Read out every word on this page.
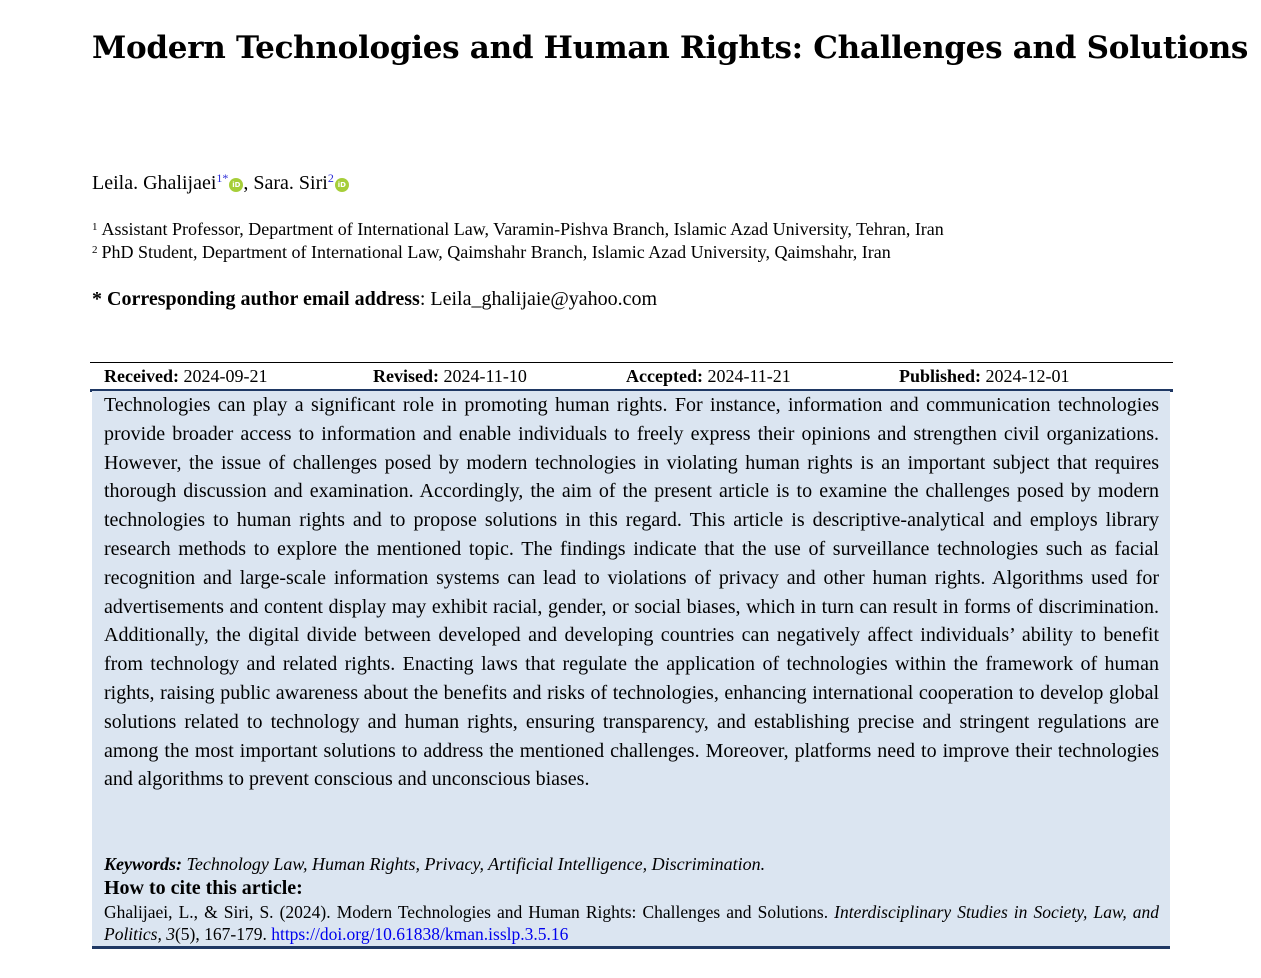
Modern Technologies and Human Rights: Challenges and Solutions
Leila. Ghalijaei$^{1*}$ iD , Sara. Siri$^2$ iD
$^1$ Assistant Professor, Department of International Law, Varamin-Pishva Branch, Islamic Azad University, Tehran, Iran
$^2$ PhD Student, Department of International Law, Qaimshahr Branch, Islamic Azad University, Qaimshahr, Iran
* Corresponding author email address: Leila_ghalijaie@yahoo.com
Received: 2024-09-21	Revised: 2024-11-10	Accepted: 2024-11-21	Published: 2024-12-01

Technologies can play a significant role in promoting human rights. For instance, information and communication technologies provide broader access to information and enable individuals to freely express their opinions and strengthen civil organizations. However, the issue of challenges posed by modern technologies in violating human rights is an important subject that requires thorough discussion and examination. Accordingly, the aim of the present article is to examine the challenges posed by modern technologies to human rights and to propose solutions in this regard. This article is descriptive-analytical and employs library research methods to explore the mentioned topic. The findings indicate that the use of surveillance technologies such as facial recognition and large-scale information systems can lead to violations of privacy and other human rights. Algorithms used for advertisements and content display may exhibit racial, gender, or social biases, which in turn can result in forms of discrimination. Additionally, the digital divide between developed and developing countries can negatively affect individuals’ ability to benefit from technology and related rights. Enacting laws that regulate the application of technologies within the framework of human rights, raising public awareness about the benefits and risks of technologies, enhancing international cooperation to develop global solutions related to technology and human rights, ensuring transparency, and establishing precise and stringent regulations are among the most important solutions to address the mentioned challenges. Moreover, platforms need to improve their technologies and algorithms to prevent conscious and unconscious biases.

Keywords: Technology Law, Human Rights, Privacy, Artificial Intelligence, Discrimination.
How to cite this article:
Ghalijaei, L., & Siri, S. (2024). Modern Technologies and Human Rights: Challenges and Solutions. Interdisciplinary Studies in Society, Law, and Politics, 3(5), 167-179. https://doi.org/10.61838/kman.isslp.3.5.16
